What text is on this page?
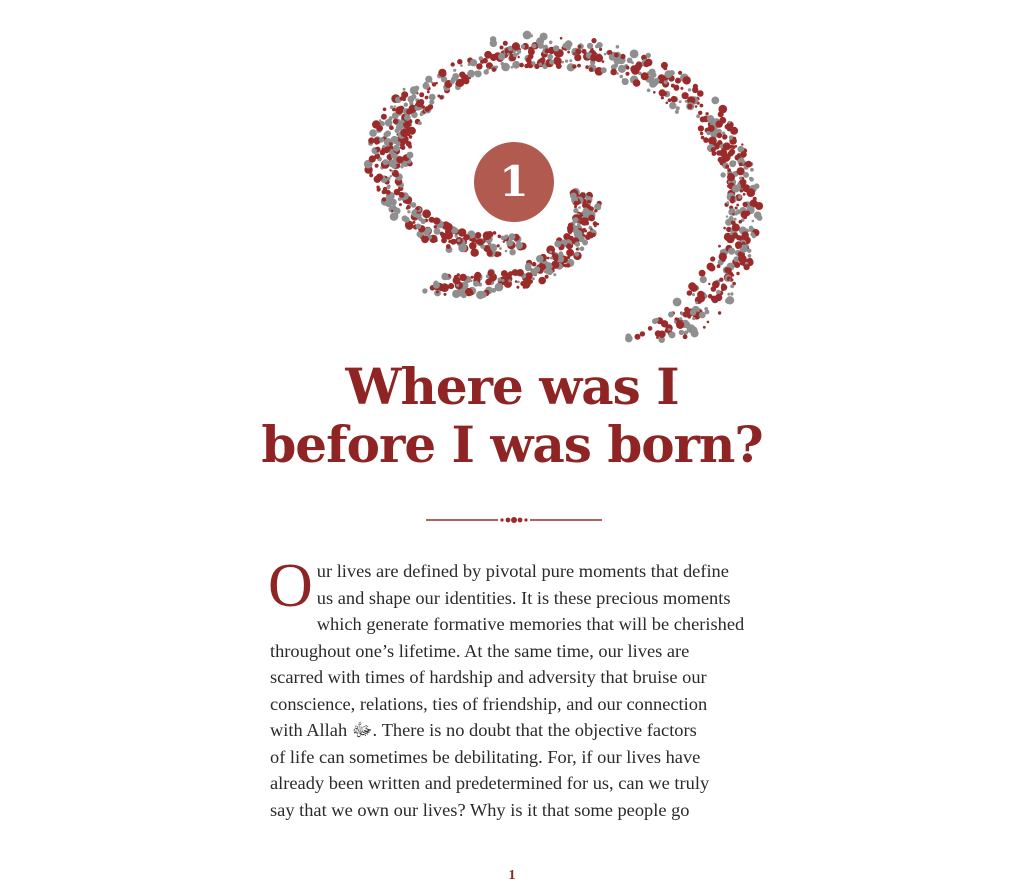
1
Where was I
before I was born?
O ur lives are defined by pivotal pure moments that define
us and shape our identities. It is these precious moments
which generate formative memories that will be cherished
throughout one’s lifetime. At the same time, our lives are
scarred with times of hardship and adversity that bruise our
conscience, relations, ties of friendship, and our connection
with Allah ﷻ. There is no doubt that the objective factors
of life can sometimes be debilitating. For, if our lives have
already been written and predetermined for us, can we truly
say that we own our lives? Why is it that some people go
1
